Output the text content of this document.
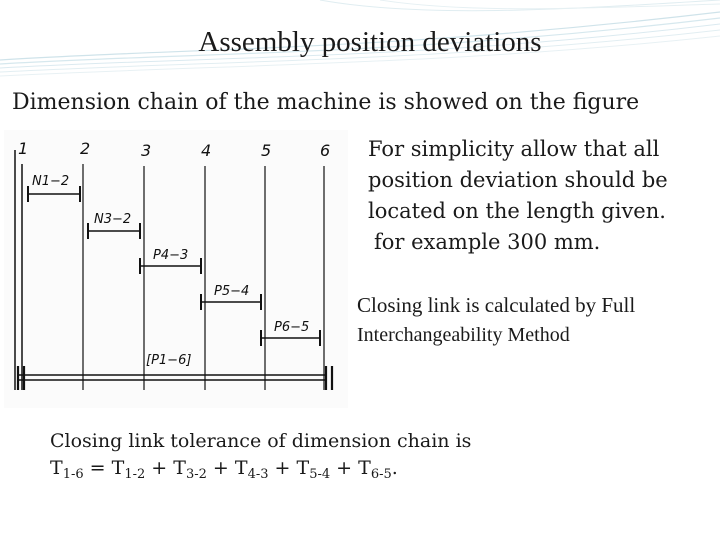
Assembly position deviations
Dimension chain of the machine is showed on the figure
1	2	3	4	5	6
N1−2
N3−2
P4−3
P5−4
P6−5
[P1−6]
For simplicity allow that all
position deviation should be
located on the length given.
for example 300 mm.
Closing link is calculated by Full
Interchangeability Method
Closing link tolerance of dimension chain is
$T_{1-6} = T_{1-2} + T_{3-2} + T_{4-3} + T_{5-4} + T_{6-5}$.
